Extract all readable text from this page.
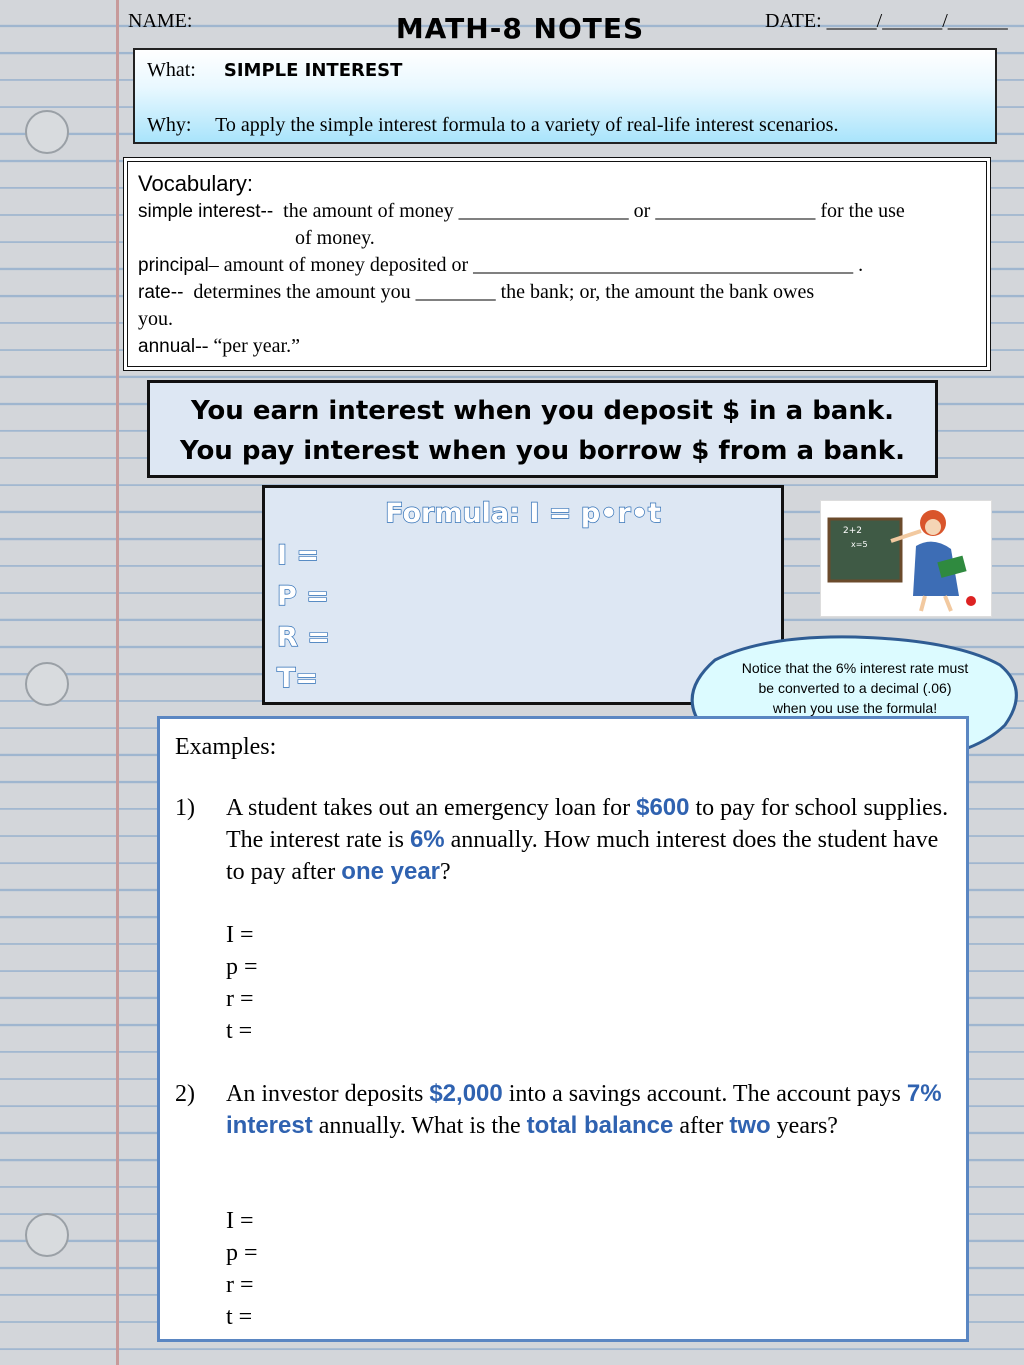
NAME:	MATH-8 NOTES	DATE: _____/______/______
What: SIMPLE INTEREST
Why: To apply the simple interest formula to a variety of real-life interest scenarios.
Vocabulary:
simple interest-- the amount of money _________________ or ________________ for the use
of money.
principal– amount of money deposited or ______________________________________ .
rate-- determines the amount you ________ the bank; or, the amount the bank owes
you.
annual-- “per year.”
You earn interest when you deposit $ in a bank.
You pay interest when you borrow $ from a bank.
Formula: I = p•r•t
I =
P =
R =
T=
2+2
x=5
Notice that the 6% interest rate must be converted to a decimal (.06) when you use the formula!
Examples:
1) A student takes out an emergency loan for $600 to pay for school supplies. The interest rate is 6% annually. How much interest does the student have to pay after one year?
I =
p =
r =
t =
2) An investor deposits $2,000 into a savings account. The account pays 7% interest annually. What is the total balance after two years?
I =
p =
r =
t =
